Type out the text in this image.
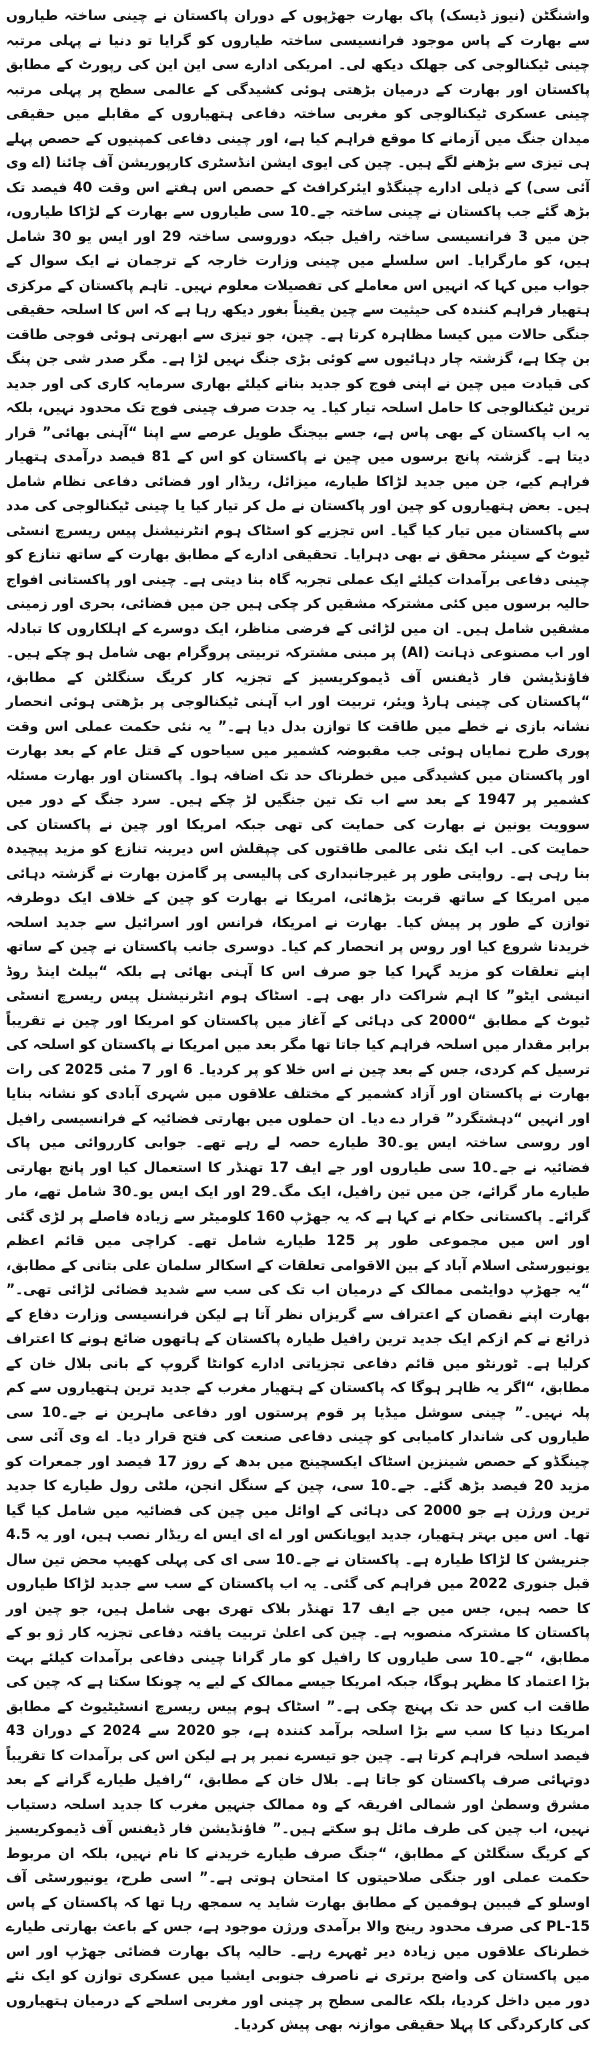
واشنگٹن (نیوز ڈیسک) پاک بھارت جھڑپوں کے دوران پاکستان نے چینی ساختہ طیاروں سے بھارت کے پاس موجود فرانسیسی ساختہ طیاروں کو گرایا تو دنیا نے پہلی مرتبہ چینی ٹیکنالوجی کی جھلک دیکھ لی۔ امریکی ادارے سی این این کی رپورٹ کے مطابق پاکستان اور بھارت کے درمیان بڑھتی ہوئی کشیدگی کے عالمی سطح پر پہلی مرتبہ چینی عسکری ٹیکنالوجی کو مغربی ساختہ دفاعی ہتھیاروں کے مقابلے میں حقیقی میدان جنگ میں آزمانے کا موقع فراہم کیا ہے، اور چینی دفاعی کمپنیوں کے حصص پہلے ہی تیزی سے بڑھنے لگے ہیں۔ چین کی ایوی ایشن انڈسٹری کارپوریشن آف چائنا (اے وی آئی سی) کے ذیلی ادارے چینگڈو ایئرکرافٹ کے حصص اس ہفتے اس وقت 40 فیصد تک بڑھ گئے جب پاکستان نے چینی ساختہ جے۔10 سی طیاروں سے بھارت کے لڑاکا طیاروں، جن میں 3 فرانسیسی ساختہ رافیل جبکہ دوروسی ساختہ 29 اور ایس یو 30 شامل ہیں، کو مارگرایا۔ اس سلسلے میں چینی وزارت خارجہ کے ترجمان نے ایک سوال کے جواب میں کہا کہ انہیں اس معاملے کی تفصیلات معلوم نہیں۔ تاہم پاکستان کے مرکزی ہتھیار فراہم کنندہ کی حیثیت سے چین یقیناً بغور دیکھ رہا ہے کہ اس کا اسلحہ حقیقی جنگی حالات میں کیسا مظاہرہ کرتا ہے۔ چین، جو تیزی سے ابھرتی ہوئی فوجی طاقت بن چکا ہے، گزشتہ چار دہائیوں سے کوئی بڑی جنگ نہیں لڑا ہے۔ مگر صدر شی جن پنگ کی قیادت میں چین نے اپنی فوج کو جدید بنانے کیلئے بھاری سرمایہ کاری کی اور جدید ترین ٹیکنالوجی کا حامل اسلحہ تیار کیا۔ یہ جدت صرف چینی فوج تک محدود نہیں، بلکہ یہ اب پاکستان کے بھی پاس ہے، جسے بیجنگ طویل عرصے سے اپنا “آہنی بھائی” قرار دیتا ہے۔ گزشتہ پانچ برسوں میں چین نے پاکستان کو اس کے 81 فیصد درآمدی ہتھیار فراہم کیے، جن میں جدید لڑاکا طیارے، میزائل، ریڈار اور فضائی دفاعی نظام شامل ہیں۔ بعض ہتھیاروں کو چین اور پاکستان نے مل کر تیار کیا یا چینی ٹیکنالوجی کی مدد سے پاکستان میں تیار کیا گیا۔ اس تجزیے کو اسٹاک ہوم انٹرنیشنل پیس ریسرچ انسٹی ٹیوٹ کے سینئر محقق نے بھی دہرایا۔ تحقیقی ادارے کے مطابق بھارت کے ساتھ تنازع کو چینی دفاعی برآمدات کیلئے ایک عملی تجربہ گاہ بنا دیتی ہے۔ چینی اور پاکستانی افواج حالیہ برسوں میں کئی مشترکہ مشقیں کر چکی ہیں جن میں فضائی، بحری اور زمینی مشقیں شامل ہیں۔ ان میں لڑائی کے فرضی مناظر، ایک دوسرے کے اہلکاروں کا تبادلہ اور اب مصنوعی ذہانت (AI) پر مبنی مشترکہ تربیتی پروگرام بھی شامل ہو چکے ہیں۔ فاؤنڈیشن فار ڈیفنس آف ڈیموکریسیز کے تجزیہ کار کریگ سنگلٹن کے مطابق، “پاکستان کی چینی ہارڈ ویئر، تربیت اور اب آہنی ٹیکنالوجی پر بڑھتی ہوئی انحصار نشانہ بازی نے خطے میں طاقت کا توازن بدل دیا ہے۔” یہ نئی حکمت عملی اس وقت پوری طرح نمایاں ہوئی جب مقبوضہ کشمیر میں سیاحوں کے قتل عام کے بعد بھارت اور پاکستان میں کشیدگی میں خطرناک حد تک اضافہ ہوا۔ پاکستان اور بھارت مسئلہ کشمیر پر 1947 کے بعد سے اب تک تین جنگیں لڑ چکے ہیں۔ سرد جنگ کے دور میں سوویت یونین نے بھارت کی حمایت کی تھی جبکہ امریکا اور چین نے پاکستان کی حمایت کی۔ اب ایک نئی عالمی طاقتوں کی چپقلش اس دیرینہ تنازع کو مزید پیچیدہ بنا رہی ہے۔ روایتی طور پر غیرجانبداری کی پالیسی پر گامزن بھارت نے گزشتہ دہائی میں امریکا کے ساتھ قربت بڑھائی، امریکا نے بھارت کو چین کے خلاف ایک دوطرفہ توازن کے طور پر پیش کیا۔ بھارت نے امریکا، فرانس اور اسرائیل سے جدید اسلحہ خریدنا شروع کیا اور روس پر انحصار کم کیا۔ دوسری جانب پاکستان نے چین کے ساتھ اپنے تعلقات کو مزید گہرا کیا جو صرف اس کا آہنی بھائی ہے بلکہ “بیلٹ اینڈ روڈ انیشی ایٹو” کا اہم شراکت دار بھی ہے۔ اسٹاک ہوم انٹرنیشنل پیس ریسرچ انسٹی ٹیوٹ کے مطابق “2000 کی دہائی کے آغاز میں پاکستان کو امریکا اور چین نے تقریباً برابر مقدار میں اسلحہ فراہم کیا جاتا تھا مگر بعد میں امریکا نے پاکستان کو اسلحہ کی ترسیل کم کردی، جس کے بعد چین نے اس خلا کو پر کردیا۔ 6 اور 7 مئی 2025 کی رات بھارت نے پاکستان اور آزاد کشمیر کے مختلف علاقوں میں شہری آبادی کو نشانہ بنایا اور انہیں “دہشتگرد” قرار دے دیا۔ ان حملوں میں بھارتی فضائیہ کے فرانسیسی رافیل اور روسی ساختہ ایس یو۔30 طیارے حصہ لے رہے تھے۔ جوابی کارروائی میں پاک فضائیہ نے جے۔10 سی طیاروں اور جے ایف 17 تھنڈر کا استعمال کیا اور پانچ بھارتی طیارے مار گرائے، جن میں تین رافیل، ایک مگ۔29 اور ایک ایس یو۔30 شامل تھے، مار گرائے۔ پاکستانی حکام نے کہا ہے کہ یہ جھڑپ 160 کلومیٹر سے زیادہ فاصلے پر لڑی گئی اور اس میں مجموعی طور پر 125 طیارے شامل تھے۔ کراچی میں قائم اعظم یونیورسٹی اسلام آباد کے بین الاقوامی تعلقات کے اسکالر سلمان علی بتانی کے مطابق، “یہ جھڑپ دوایٹمی ممالک کے درمیان اب تک کی سب سے شدید فضائی لڑائی تھی۔” بھارت اپنے نقصان کے اعتراف سے گریزاں نظر آتا ہے لیکن فرانسیسی وزارت دفاع کے ذرائع نے کم ازکم ایک جدید ترین رافیل طیارہ پاکستان کے ہاتھوں ضائع ہونے کا اعتراف کرلیا ہے۔ ٹورنٹو میں قائم دفاعی تجزیاتی ادارے کوانٹا گروپ کے بانی بلال خان کے مطابق، “اگر یہ ظاہر ہوگا کہ پاکستان کے ہتھیار مغرب کے جدید ترین ہتھیاروں سے کم پلہ نہیں۔” چینی سوشل میڈیا پر قوم پرستوں اور دفاعی ماہرین نے جے۔10 سی طیاروں کی شاندار کامیابی کو چینی دفاعی صنعت کی فتح قرار دیا۔ اے وی آئی سی چینگڈو کے حصص شینزین اسٹاک ایکسچینج میں بدھ کے روز 17 فیصد اور جمعرات کو مزید 20 فیصد بڑھ گئے۔ جے۔10 سی، چین کے سنگل انجن، ملٹی رول طیارے کا جدید ترین ورژن ہے جو 2000 کی دہائی کے اوائل میں چین کی فضائیہ میں شامل کیا گیا تھا۔ اس میں بہتر ہتھیار، جدید ایویانکس اور اے ای ایس اے ریڈار نصب ہیں، اور یہ 4.5 جنریشن کا لڑاکا طیارہ ہے۔ پاکستان نے جے۔10 سی ای کی پہلی کھیپ محض تین سال قبل جنوری 2022 میں فراہم کی گئی۔ یہ اب پاکستان کے سب سے جدید لڑاکا طیاروں کا حصہ ہیں، جس میں جے ایف 17 تھنڈر بلاک تھری بھی شامل ہیں، جو چین اور پاکستان کا مشترکہ منصوبہ ہے۔ چین کی اعلیٰ تربیت یافتہ دفاعی تجزیہ کار ژو بو کے مطابق، “جے۔10 سی طیاروں کا رافیل کو مار گرانا چینی دفاعی برآمدات کیلئے بہت بڑا اعتماد کا مظہر ہوگا، جبکہ امریکا جیسے ممالک کے لیے یہ چونکا سکتا ہے کہ چین کی طاقت اب کس حد تک پہنچ چکی ہے۔” اسٹاک ہوم پیس ریسرچ انسٹیٹیوٹ کے مطابق امریکا دنیا کا سب سے بڑا اسلحہ برآمد کنندہ ہے، جو 2020 سے 2024 کے دوران 43 فیصد اسلحہ فراہم کرتا ہے۔ چین جو تیسرے نمبر پر ہے لیکن اس کی برآمدات کا تقریباً دوتہائی صرف پاکستان کو جاتا ہے۔ بلال خان کے مطابق، “رافیل طیارے گرانے کے بعد مشرق وسطیٰ اور شمالی افریقہ کے وہ ممالک جنہیں مغرب کا جدید اسلحہ دستیاب نہیں، اب چین کی طرف مائل ہو سکتے ہیں۔” فاؤنڈیشن فار ڈیفنس آف ڈیموکریسیز کے کریگ سنگلٹن کے مطابق، “جنگ صرف طیارے خریدنے کا نام نہیں، بلکہ ان مربوط حکمت عملی اور جنگی صلاحیتوں کا امتحان ہوتی ہے۔” اسی طرح، یونیورسٹی آف اوسلو کے فیبین ہوفمین کے مطابق بھارت شاید یہ سمجھ رہا تھا کہ پاکستان کے پاس PL-15 کی صرف محدود رینج والا برآمدی ورژن موجود ہے، جس کے باعث بھارتی طیارے خطرناک علاقوں میں زیادہ دیر ٹھہرے رہے۔ حالیہ پاک بھارت فضائی جھڑپ اور اس میں پاکستان کی واضح برتری نے ناصرف جنوبی ایشیا میں عسکری توازن کو ایک نئے دور میں داخل کردیا، بلکہ عالمی سطح پر چینی اور مغربی اسلحے کے درمیان ہتھیاروں کی کارکردگی کا پہلا حقیقی موازنہ بھی پیش کردیا۔
